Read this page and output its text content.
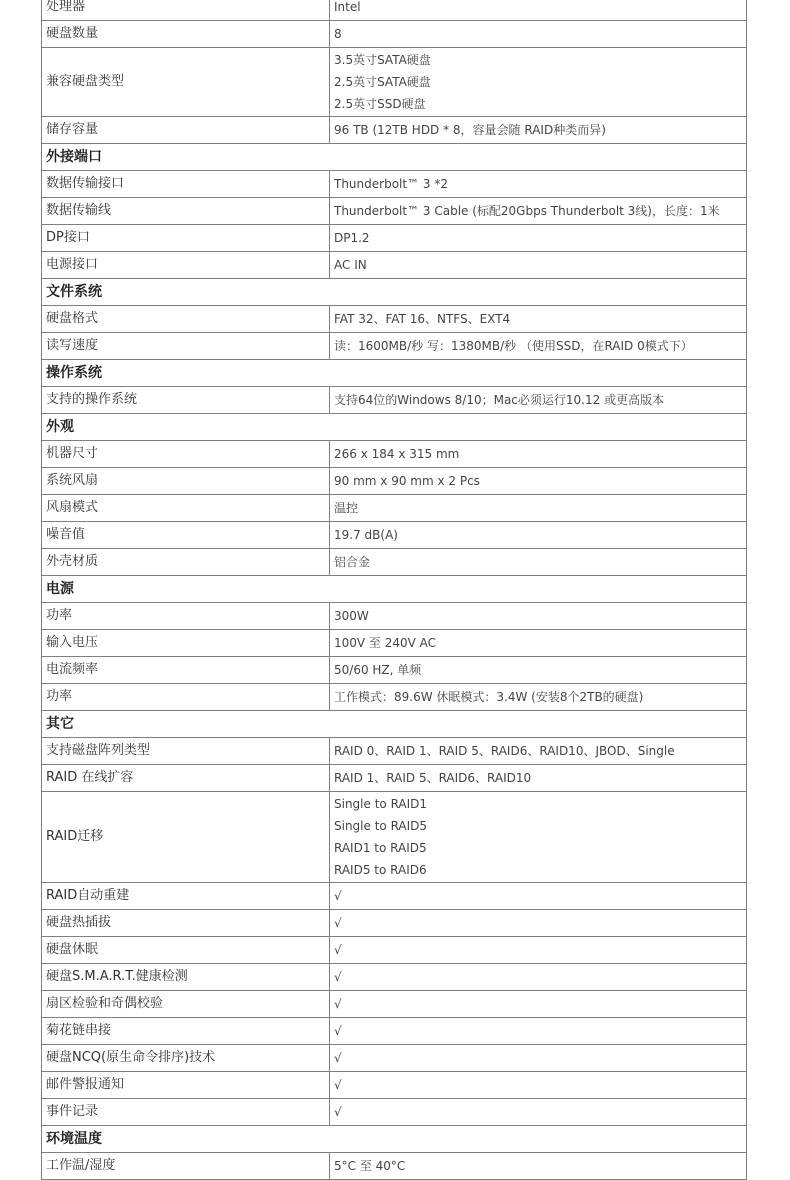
处理器	Intel
硬盘数量	8
兼容硬盘类型	3.5英寸SATA硬盘
2.5英寸SATA硬盘
2.5英寸SSD硬盘

储存容量	96 TB (12TB HDD * 8，容量会随 RAID种类而异)
外接端口	
数据传输接口	Thunderbolt™ 3 *2
数据传输线	Thunderbolt™ 3 Cable (标配20Gbps Thunderbolt 3线)，长度：1米
DP接口	DP1.2
电源接口	AC IN
文件系统	
硬盘格式	FAT 32、FAT 16、NTFS、EXT4
读写速度	读：1600MB/秒 写：1380MB/秒 （使用SSD，在RAID 0模式下）
操作系统	
支持的操作系统	支持64位的Windows 8/10；Mac必须运行10.12 或更高版本
外观	
机器尺寸	266 x 184 x 315 mm
系统风扇	90 mm x 90 mm x 2 Pcs
风扇模式	温控
噪音值	19.7 dB(A)
外壳材质	铝合金
电源	
功率	300W
输入电压	100V 至 240V AC
电流频率	50/60 HZ, 单频
功率	工作模式：89.6W 休眠模式：3.4W (安装8个2TB的硬盘)
其它	
支持磁盘阵列类型	RAID 0、RAID 1、RAID 5、RAID6、RAID10、JBOD、Single
RAID 在线扩容	RAID 1、RAID 5、RAID6、RAID10
RAID迁移	Single to RAID1
Single to RAID5
RAID1 to RAID5
RAID5 to RAID6

RAID自动重建	√
硬盘热插拔	√
硬盘休眠	√
硬盘S.M.A.R.T.健康检测	√
扇区检验和奇偶校验	√
菊花链串接	√
硬盘NCQ(原生命令排序)技术	√
邮件警报通知	√
事件记录	√
环境温度	
工作温/湿度	5°C 至 40°C
